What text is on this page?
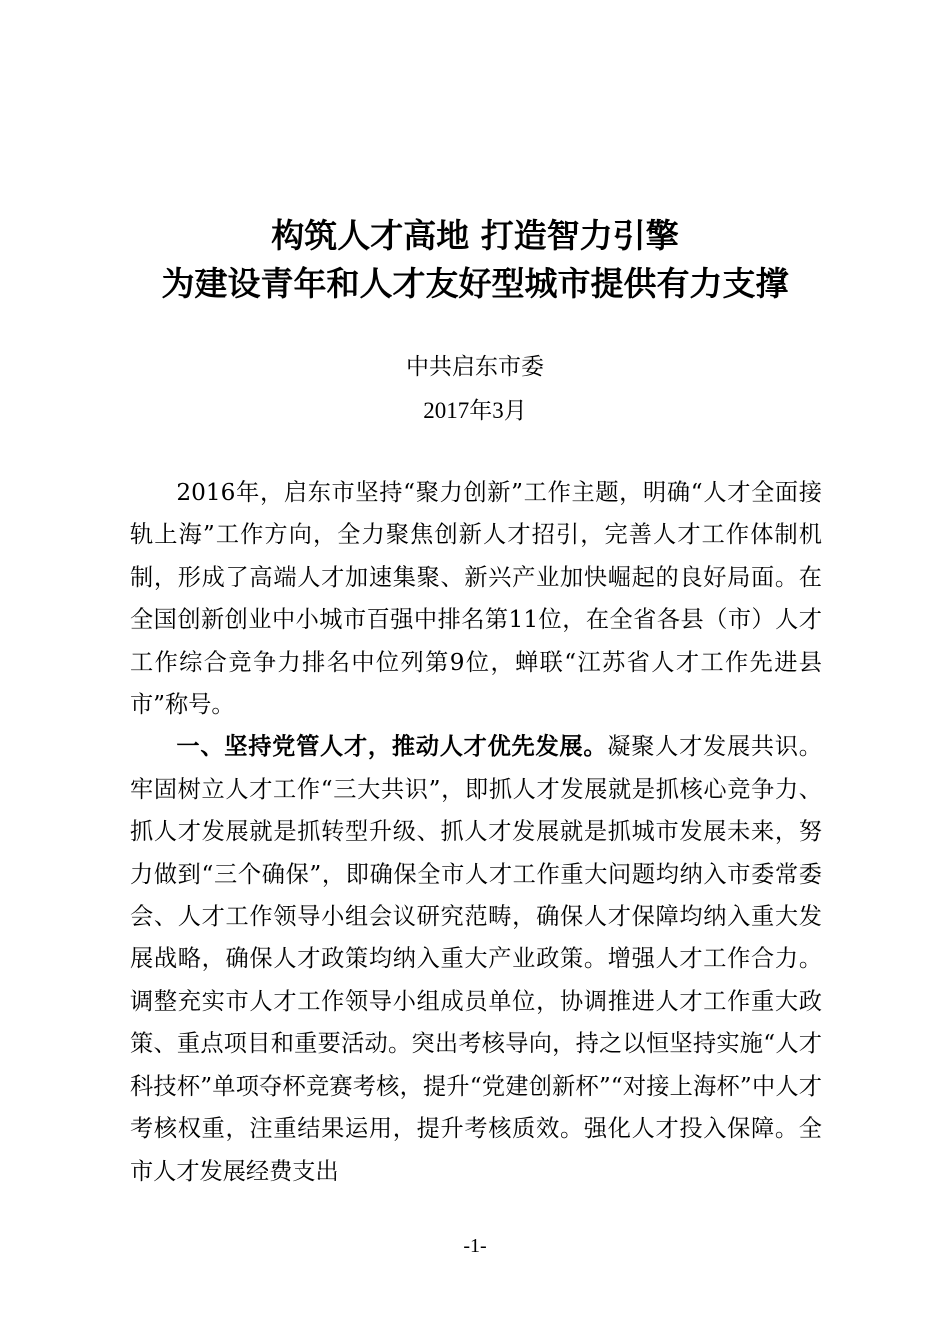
构筑人才高地 打造智力引擎
为建设青年和人才友好型城市提供有力支撑
中共启东市委
2017年3月

2016年，启东市坚持“聚力创新”工作主题，明确“人才全面接轨上海”工作方向，全力聚焦创新人才招引，完善人才工作体制机制，形成了高端人才加速集聚、新兴产业加快崛起的良好局面。在全国创新创业中小城市百强中排名第11位，在全省各县（市）人才工作综合竞争力排名中位列第9位，蝉联“江苏省人才工作先进县市”称号。

一、坚持党管人才，推动人才优先发展。凝聚人才发展共识。牢固树立人才工作“三大共识”，即抓人才发展就是抓核心竞争力、抓人才发展就是抓转型升级、抓人才发展就是抓城市发展未来，努力做到“三个确保”，即确保全市人才工作重大问题均纳入市委常委会、人才工作领导小组会议研究范畴，确保人才保障均纳入重大发展战略，确保人才政策均纳入重大产业政策。增强人才工作合力。调整充实市人才工作领导小组成员单位，协调推进人才工作重大政策、重点项目和重要活动。突出考核导向，持之以恒坚持实施“人才科技杯”单项夺杯竞赛考核，提升“党建创新杯”“对接上海杯”中人才考核权重，注重结果运用，提升考核质效。强化人才投入保障。全市人才发展经费支出

-1-
